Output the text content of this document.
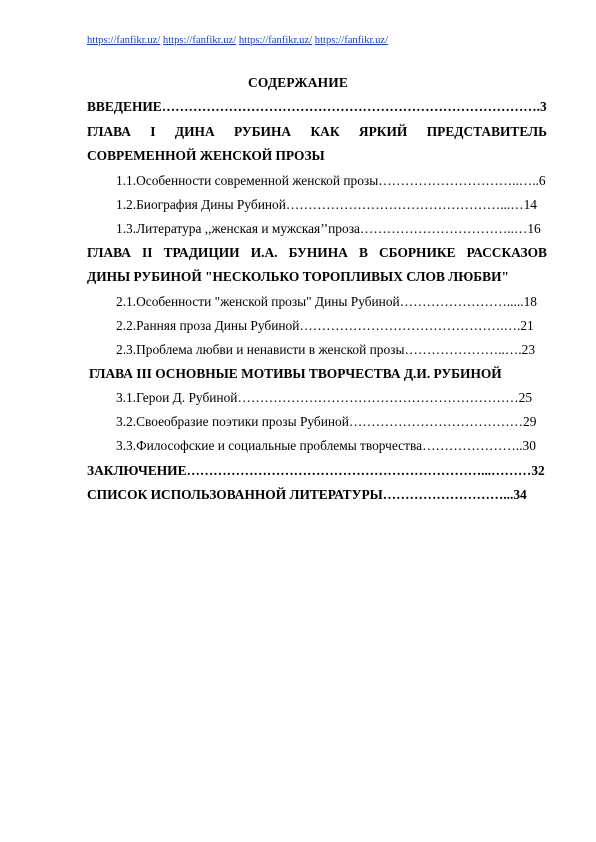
https://fanfikr.uz/ https://fanfikr.uz/ https://fanfikr.uz/ https://fanfikr.uz/
СОДЕРЖАНИЕ
ВВЕДЕНИЕ………………………………………………………………………….3
ГЛАВА I ДИНА РУБИНА КАК ЯРКИЙ ПРЕДСТАВИТЕЛЬ
СОВРЕМЕННОЙ ЖЕНСКОЙ ПРОЗЫ
1.1.Особенности современной женской прозы…………………………..…..6
1.2.Биография Дины Рубиной…………………………………………...…14
1.3.Литература ,,женская и мужская’’проза……………………………..…16
ГЛАВА II ТРАДИЦИИ И.А. БУНИНА В СБОРНИКЕ РАССКАЗОВ
ДИНЫ РУБИНОЙ "НЕСКОЛЬКО ТОРОПЛИВЫХ СЛОВ ЛЮБВИ"
2.1.Особенности "женской прозы" Дины Рубиной…………………….....18
2.2.Ранняя проза Дины Рубиной……………………………………….….21
2.3.Проблема любви и ненависти в женской прозы…………………..….23
ГЛАВА III ОСНОВНЫЕ МОТИВЫ ТВОРЧЕСТВА Д.И. РУБИНОЙ
3.1.Герои Д. Рубиной………………………………………………………25
3.2.Своеобразие поэтики прозы Рубиной…………………………………29
3.3.Философские и социальные проблемы творчества…………………..30
ЗАКЛЮЧЕНИЕ…………………………………………………………...………32
СПИСОК ИСПОЛЬЗОВАННОЙ ЛИТЕРАТУРЫ………………………...34
